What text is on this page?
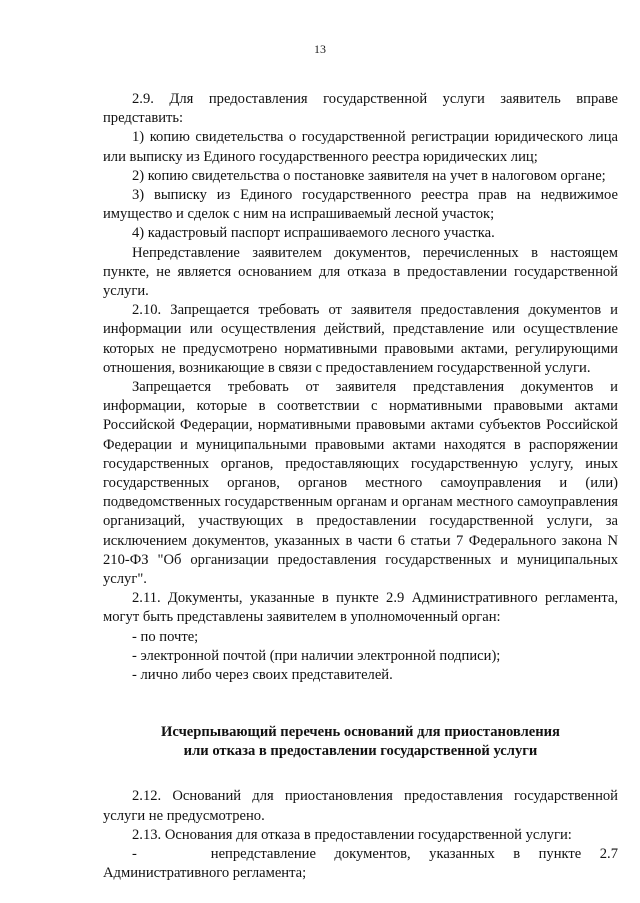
13

2.9. Для предоставления государственной услуги заявитель вправе представить:

1) копию свидетельства о государственной регистрации юридического лица или выписку из Единого государственного реестра юридических лиц;

2) копию свидетельства о постановке заявителя на учет в налоговом органе;

3) выписку из Единого государственного реестра прав на недвижимое имущество и сделок с ним на испрашиваемый лесной участок;

4) кадастровый паспорт испрашиваемого лесного участка.

Непредставление заявителем документов, перечисленных в настоящем пункте, не является основанием для отказа в предоставлении государственной услуги.

2.10. Запрещается требовать от заявителя предоставления документов и информации или осуществления действий, представление или осуществление которых не предусмотрено нормативными правовыми актами, регулирующими отношения, возникающие в связи с предоставлением государственной услуги.

Запрещается требовать от заявителя представления документов и информации, которые в соответствии с нормативными правовыми актами Российской Федерации, нормативными правовыми актами субъектов Российской Федерации и муниципальными правовыми актами находятся в распоряжении государственных органов, предоставляющих государственную услугу, иных государственных органов, органов местного самоуправления и (или) подведомственных государственным органам и органам местного самоуправления организаций, участвующих в предоставлении государственной услуги, за исключением документов, указанных в части 6 статьи 7 Федерального закона N 210-ФЗ "Об организации предоставления государственных и муниципальных услуг".

2.11. Документы, указанные в пункте 2.9 Административного регламента, могут быть представлены заявителем в уполномоченный орган:

- по почте;

- электронной почтой (при наличии электронной подписи);

- лично либо через своих представителей.

Исчерпывающий перечень оснований для приостановления
или отказа в предоставлении государственной услуги

2.12. Оснований для приостановления предоставления государственной услуги не предусмотрено.

2.13. Основания для отказа в предоставлении государственной услуги:

-    непредставление документов, указанных в пункте 2.7

Административного регламента;
